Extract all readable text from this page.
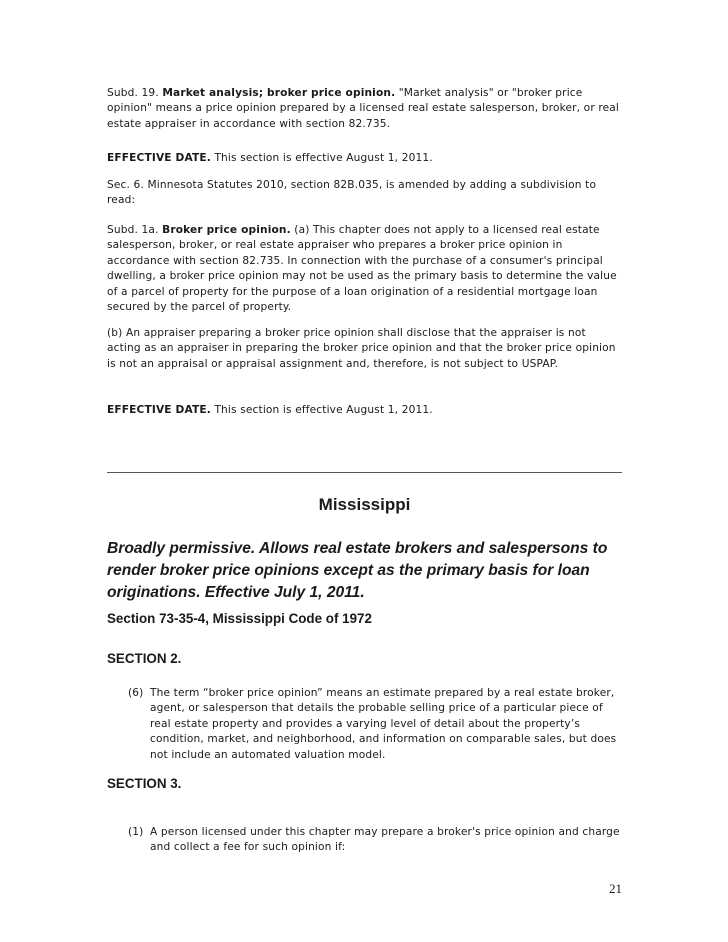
Subd. 19. Market analysis; broker price opinion. "Market analysis" or "broker price opinion" means a price opinion prepared by a licensed real estate salesperson, broker, or real estate appraiser in accordance with section 82.735.

EFFECTIVE DATE. This section is effective August 1, 2011.

Sec. 6. Minnesota Statutes 2010, section 82B.035, is amended by adding a subdivision to read:

Subd. 1a. Broker price opinion. (a) This chapter does not apply to a licensed real estate salesperson, broker, or real estate appraiser who prepares a broker price opinion in accordance with section 82.735. In connection with the purchase of a consumer's principal dwelling, a broker price opinion may not be used as the primary basis to determine the value of a parcel of property for the purpose of a loan origination of a residential mortgage loan secured by the parcel of property.

(b) An appraiser preparing a broker price opinion shall disclose that the appraiser is not acting as an appraiser in preparing the broker price opinion and that the broker price opinion is not an appraisal or appraisal assignment and, therefore, is not subject to USPAP.

EFFECTIVE DATE. This section is effective August 1, 2011.

Mississippi

Broadly permissive. Allows real estate brokers and salespersons to render broker price opinions except as the primary basis for loan originations. Effective July 1, 2011.

Section 73-35-4, Mississippi Code of 1972

SECTION 2.

(6) The term “broker price opinion” means an estimate prepared by a real estate broker, agent, or salesperson that details the probable selling price of a particular piece of real estate property and provides a varying level of detail about the property’s condition, market, and neighborhood, and information on comparable sales, but does not include an automated valuation model.

SECTION 3.

(1) A person licensed under this chapter may prepare a broker's price opinion and charge and collect a fee for such opinion if:

21
